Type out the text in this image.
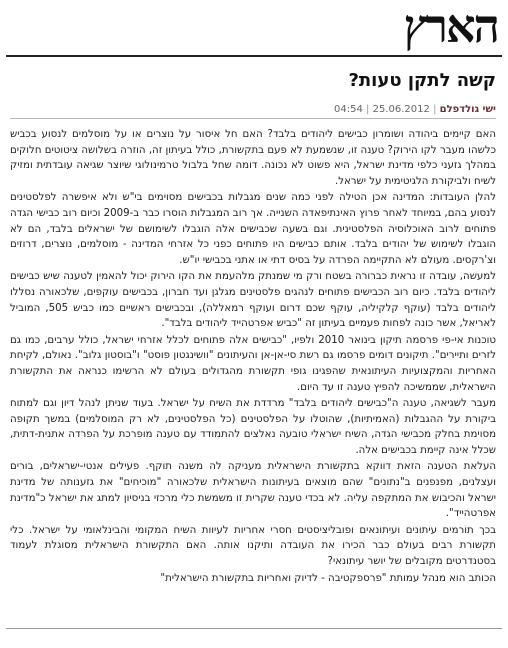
הארץ
קשה לתקן טעות?
ישי גולדפלם | 25.06.2012 | 04:54

האם קיימים ביהודה ושומרון כבישים ליהודים בלבד? האם חל איסור על נוצרים או על מוסלמים לנסוע בכביש כלשהו מעבר לקו הירוק? טענה זו, שנשמעת לא פעם בתקשורת, כולל בעיתון זה, הוזרה בשלושה ציטוטים חלוקים במהלך גזעני כלפי מדינת ישראל, היא פשוט לא נכונה. דומה שחל בלבול טרמינולוגי שיוצר שגיאה עובדתית ומזיק לשיח ולביקורת הלגיטימית על ישראל.

להלן העובדות: המדינה אכן הטילה לפני כמה שנים מגבלות בכבישים מסוימים בי"ש ולא איפשרה לפלסטינים לנסוע בהם, במיוחד לאחר פרוץ האינתיפאדה השנייה. אך רוב המגבלות הוסרו כבר ב-2009 וכיום רוב כבישי הגדה פתוחים לרוב האוכלוסיה הפלסטינית. וגם בשעה שכבישים אלה הוגבלו לשימושם של ישראלים בלבד, הם לא הוגבלו לשימוש של יהודים בלבד. אותם כבישים היו פתוחים כפני כל אזרחי המדינה - מוסלמים, נוצרים, דרוזים וצ'רקסים. מעולם לא התקיימה הפרדה על בסיס דתי או אתני בכבישי יו"ש.

למעשה, עובדה זו נראית כברורה בשטח ורק מי שמנתק מלהעמת את הקו הירוק יכול להאמין לטענה שיש כבישים ליהודים בלבד. כיום רוב הכבישים פתוחים לנהגים פלסטינים מגלגן ועד חברון, בכבישים עוקפים, שלכאורה נסללו ליהודים בלבד (עוקף קלקיליה, עוקף שכם דרום ועוקף רמאללה), ובכבישים ראשיים כמו כביש 505, המוביל לאריאל, אשר כונה לפחות פעמיים בעיתון זה "כביש אפרטהייד ליהודים בלבד".

טוכנות אי-פי פרסמה תיקון בינואר 2010 ולפיו, "כבישים אלה פתוחים לכלל אזרחי ישראל, כולל ערבים, כמו גם לזרים ותיירים". תיקונים דומים פרסמו גם רשת סי-אן-אן והעיתונים "וושינגטון פוסט" ו"בוסטון גלוב". נאולם, לקיחת האחריות והמקצועיות העיתונאית שהפגינו גופי תקשורת מהגדולים בעולם לא הרשימו כנראה את התקשורת הישראלית, שממשיכה להפיץ טענה זו עד היום.

מעבר לשגיאה, טענה ה"כבישים ליהודים בלבד" מרדדת את השיח על ישראל. בעוד שניתן לנהל דיון וגם למתוח ביקורת על ההגבלות (האמיתיות), שהוטלו על הפלסטינים (כל הפלסטינים, לא רק המוסלמים) במשך תקופה מסוימת בחלק מכבישי הגדה, השיח ישראלי טובעה נאלצים להתמודד עם טענה מופרכת על הפרדה אתנית-דתית, שכלל אינה קיימת בכבישים אלה.

העלאת הטענה הזאת דווקא בתקשורת הישראלית מעניקה לה משנה תוקף. פעילים אנטי-ישראלים, בורים ועצלנים, מפנפנים ב"נתונים" שהם מוצאים בעיתונות הישראלית שלכאורה "מוכיחים" את גזענותה של מדינת ישראל והכיבוש את המתקפה עליה. לא בכדי טענה שקרית זו משמשת כלי מרכזי בניסיון למתג את ישראל כ"מדינת אפרטהייד".

בכך תורמים עיתונים ועיתונאים ופובליציסטים חסרי אחריות לעיוות השיח המקומי והבינלאומי על ישראל. כלי תקשורת רבים בעולם כבר הכירו את העובדה ותיקנו אותה. האם התקשורת הישראלית מסוגלת לעמוד בסטנדרטים מקובלים של יושר עיתונאי?

הכותב הוא מנהל עמותת "פרספקטיבה - לדיוק ואחריות בתקשורת הישראלית"
